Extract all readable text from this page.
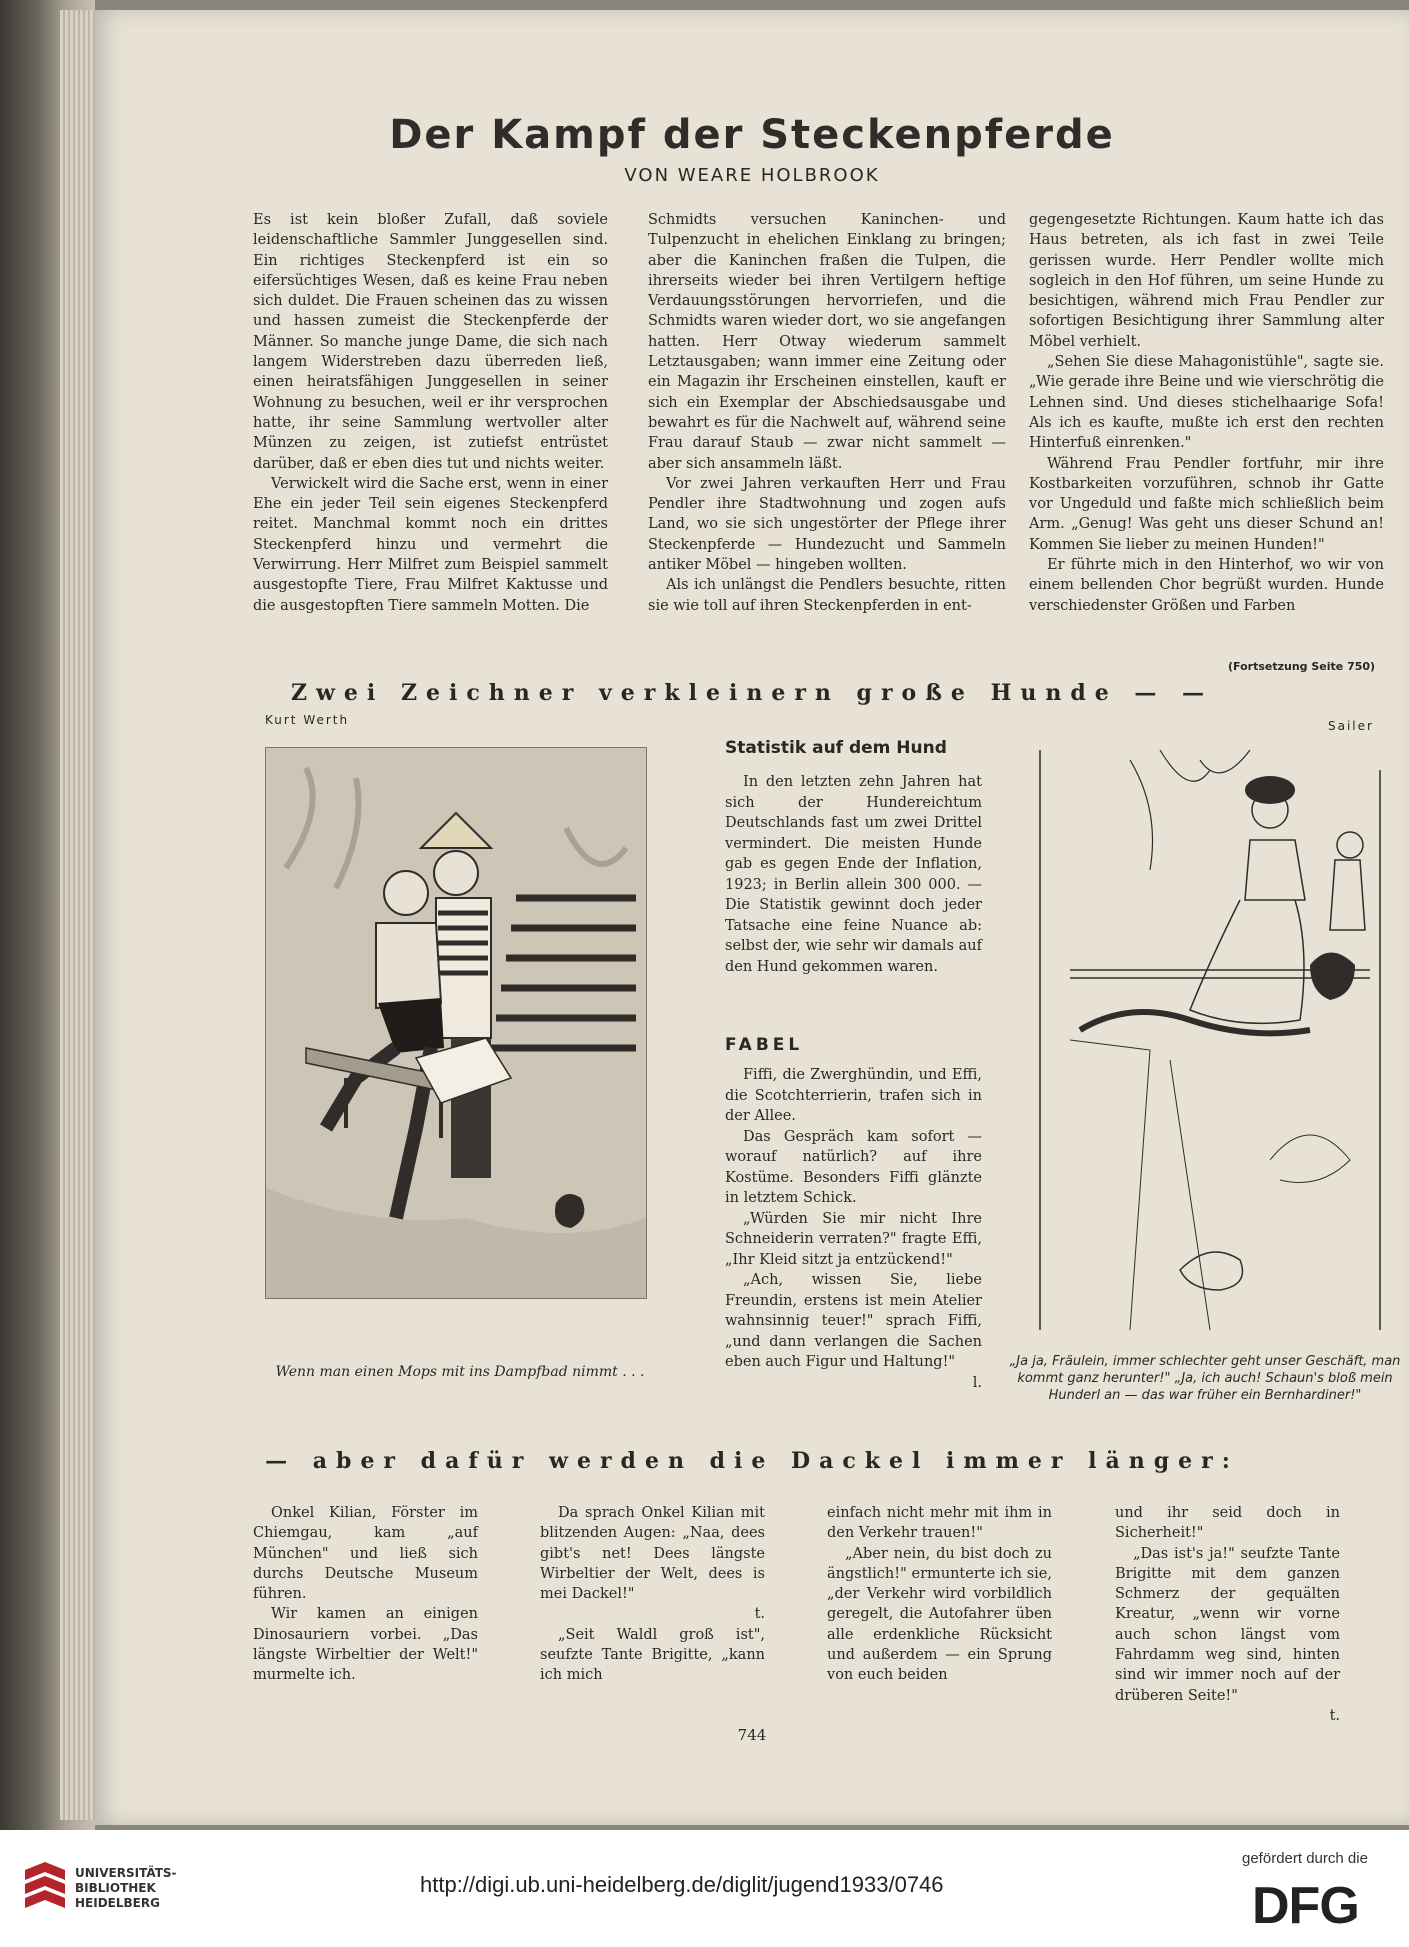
Der Kampf der Steckenpferde
VON WEARE HOLBROOK

Es ist kein bloßer Zufall, daß soviele leidenschaftliche Sammler Junggesellen sind. Ein richtiges Steckenpferd ist ein so eifersüchtiges Wesen, daß es keine Frau neben sich duldet. Die Frauen scheinen das zu wissen und hassen zumeist die Steckenpferde der Männer. So manche junge Dame, die sich nach langem Widerstreben dazu überreden ließ, einen heiratsfähigen Junggesellen in seiner Wohnung zu besuchen, weil er ihr versprochen hatte, ihr seine Sammlung wertvoller alter Münzen zu zeigen, ist zutiefst entrüstet darüber, daß er eben dies tut und nichts weiter.

Verwickelt wird die Sache erst, wenn in einer Ehe ein jeder Teil sein eigenes Steckenpferd reitet. Manchmal kommt noch ein drittes Steckenpferd hinzu und vermehrt die Verwirrung. Herr Milfret zum Beispiel sammelt ausgestopfte Tiere, Frau Milfret Kaktusse und die ausgestopften Tiere sammeln Motten. Die

Schmidts versuchen Kaninchen- und Tulpenzucht in ehelichen Einklang zu bringen; aber die Kaninchen fraßen die Tulpen, die ihrerseits wieder bei ihren Vertilgern heftige Verdauungsstörungen hervorriefen, und die Schmidts waren wieder dort, wo sie angefangen hatten. Herr Otway wiederum sammelt Letztausgaben; wann immer eine Zeitung oder ein Magazin ihr Erscheinen einstellen, kauft er sich ein Exemplar der Abschiedsausgabe und bewahrt es für die Nachwelt auf, während seine Frau darauf Staub — zwar nicht sammelt — aber sich ansammeln läßt.

Vor zwei Jahren verkauften Herr und Frau Pendler ihre Stadtwohnung und zogen aufs Land, wo sie sich ungestörter der Pflege ihrer Steckenpferde — Hundezucht und Sammeln antiker Möbel — hingeben wollten.

Als ich unlängst die Pendlers besuchte, ritten sie wie toll auf ihren Steckenpferden in ent-

gegengesetzte Richtungen. Kaum hatte ich das Haus betreten, als ich fast in zwei Teile gerissen wurde. Herr Pendler wollte mich sogleich in den Hof führen, um seine Hunde zu besichtigen, während mich Frau Pendler zur sofortigen Besichtigung ihrer Sammlung alter Möbel verhielt.

„Sehen Sie diese Mahagonistühle", sagte sie. „Wie gerade ihre Beine und wie vierschrötig die Lehnen sind. Und dieses stichelhaarige Sofa! Als ich es kaufte, mußte ich erst den rechten Hinterfuß einrenken."

Während Frau Pendler fortfuhr, mir ihre Kostbarkeiten vorzuführen, schnob ihr Gatte vor Ungeduld und faßte mich schließlich beim Arm. „Genug! Was geht uns dieser Schund an! Kommen Sie lieber zu meinen Hunden!"

Er führte mich in den Hinterhof, wo wir von einem bellenden Chor begrüßt wurden. Hunde verschiedenster Größen und Farben

(Fortsetzung Seite 750)
Zwei Zeichner verkleinern große Hunde — —
Kurt Werth	Sailer
Wenn man einen Mops mit ins Dampfbad nimmt . . .
Statistik auf dem Hund

In den letzten zehn Jahren hat sich der Hundereichtum Deutschlands fast um zwei Drittel vermindert. Die meisten Hunde gab es gegen Ende der Inflation, 1923; in Berlin allein 300 000. — Die Statistik gewinnt doch jeder Tatsache eine feine Nuance ab: selbst der, wie sehr wir damals auf den Hund gekommen waren.

FABEL

Fiffi, die Zwerghündin, und Effi, die Scotchterrierin, trafen sich in der Allee.

Das Gespräch kam sofort — worauf natürlich? auf ihre Kostüme. Besonders Fiffi glänzte in letztem Schick.

„Würden Sie mir nicht Ihre Schneiderin verraten?" fragte Effi, „Ihr Kleid sitzt ja entzückend!"

„Ach, wissen Sie, liebe Freundin, erstens ist mein Atelier wahnsinnig teuer!" sprach Fiffi, „und dann verlangen die Sachen eben auch Figur und Haltung!"

l.
„Ja ja, Fräulein, immer schlechter geht unser Geschäft, man kommt ganz herunter!" „Ja, ich auch! Schaun's bloß mein Hunderl an — das war früher ein Bernhardiner!"
— aber dafür werden die Dackel immer länger:

Onkel Kilian, Förster im Chiemgau, kam „auf München" und ließ sich durchs Deutsche Museum führen.

Wir kamen an einigen Dinosauriern vorbei. „Das längste Wirbeltier der Welt!" murmelte ich.

Da sprach Onkel Kilian mit blitzenden Augen: „Naa, dees gibt's net! Dees längste Wirbeltier der Welt, dees is mei Dackel!"

t.

„Seit Waldl groß ist", seufzte Tante Brigitte, „kann ich mich

einfach nicht mehr mit ihm in den Verkehr trauen!"

„Aber nein, du bist doch zu ängstlich!" ermunterte ich sie, „der Verkehr wird vorbildlich geregelt, die Autofahrer üben alle erdenkliche Rücksicht und außerdem — ein Sprung von euch beiden

und ihr seid doch in Sicherheit!"

„Das ist's ja!" seufzte Tante Brigitte mit dem ganzen Schmerz der gequälten Kreatur, „wenn wir vorne auch schon längst vom Fahrdamm weg sind, hinten sind wir immer noch auf der drüberen Seite!"

t.
744
UNIVERSITÄTS-
BIBLIOTHEK
HEIDELBERG
http://digi.ub.uni-heidelberg.de/diglit/jugend1933/0746
gefördert durch die
DFG
